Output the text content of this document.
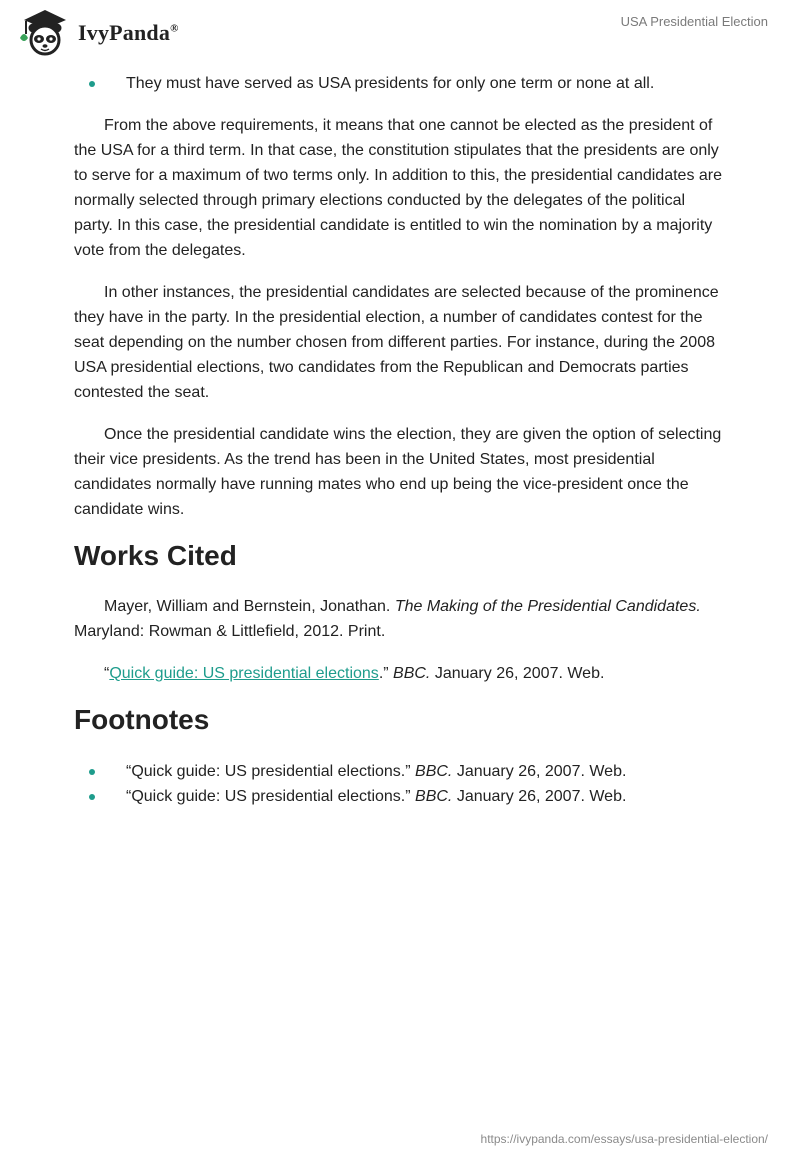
IvyPanda®	USA Presidential Election
They must have served as USA presidents for only one term or none at all.

From the above requirements, it means that one cannot be elected as the president of the USA for a third term. In that case, the constitution stipulates that the presidents are only to serve for a maximum of two terms only. In addition to this, the presidential candidates are normally selected through primary elections conducted by the delegates of the political party. In this case, the presidential candidate is entitled to win the nomination by a majority vote from the delegates.

In other instances, the presidential candidates are selected because of the prominence they have in the party. In the presidential election, a number of candidates contest for the seat depending on the number chosen from different parties. For instance, during the 2008 USA presidential elections, two candidates from the Republican and Democrats parties contested the seat.

Once the presidential candidate wins the election, they are given the option of selecting their vice presidents. As the trend has been in the United States, most presidential candidates normally have running mates who end up being the vice-president once the candidate wins.

Works Cited

Mayer, William and Bernstein, Jonathan. The Making of the Presidential Candidates. Maryland: Rowman & Littlefield, 2012. Print.

“Quick guide: US presidential elections.” BBC. January 26, 2007. Web.

Footnotes
“Quick guide: US presidential elections.” BBC. January 26, 2007. Web.
“Quick guide: US presidential elections.” BBC. January 26, 2007. Web.
https://ivypanda.com/essays/usa-presidential-election/
